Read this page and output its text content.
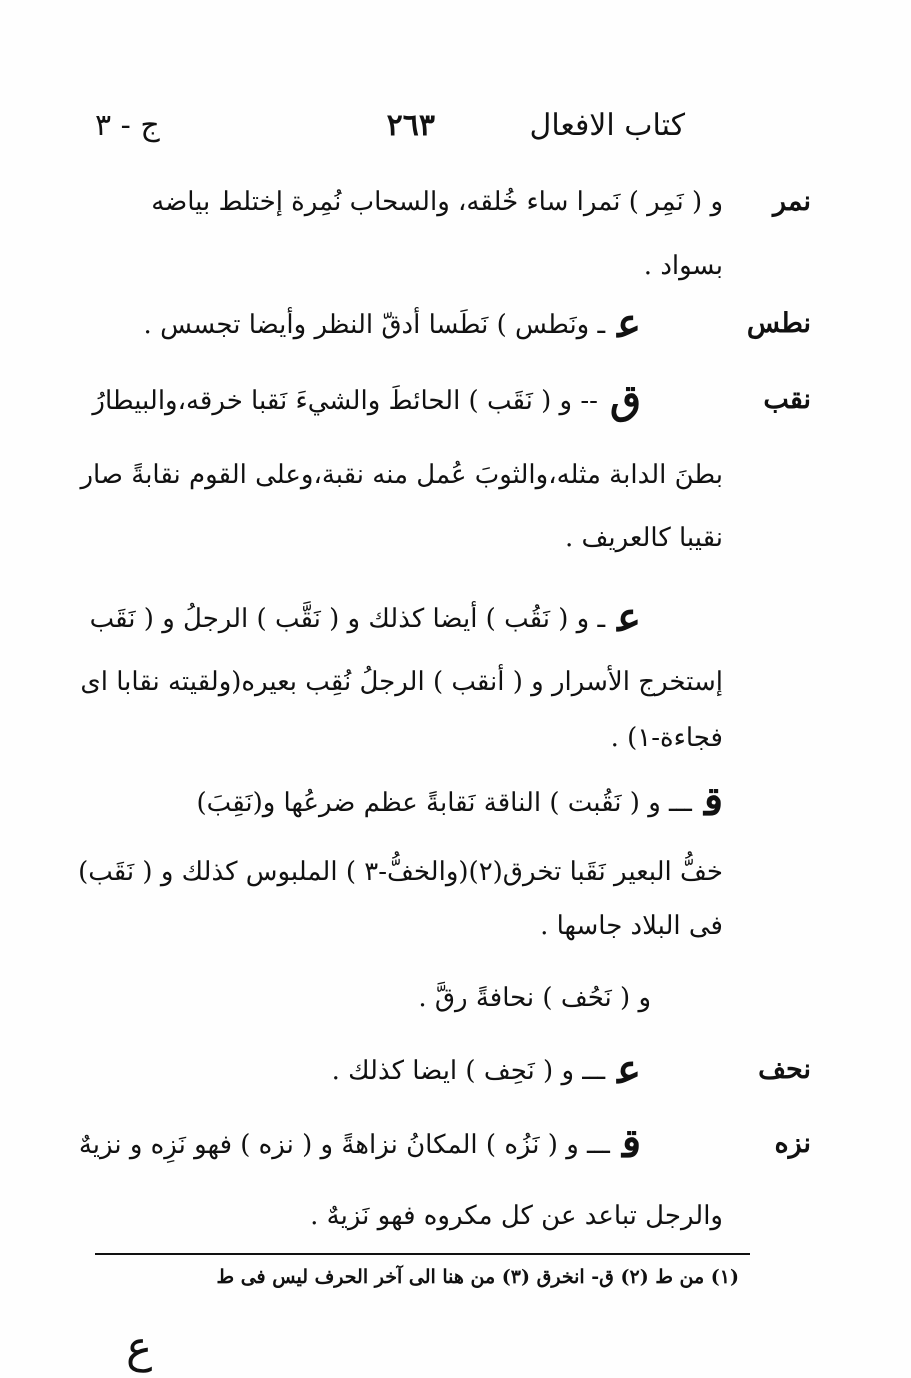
كتاب الافعال
٢٦٣
ج - ٣
نمر
و ( نَمِر ) نَمرا ساء خُلقه، والسحاب نُمِرة إختلط بياضه
بسواد .
نطس
عـ ونَطس ) نَطَسا أدقّ النظر وأيضا تجسس .
نقب
ق-- و ( نَقَب ) الحائطَ والشيءَ نَقبا خرقه،والبيطارُ
بطنَ الدابة مثله،والثوبَ عُمل منه نقبة،وعلى القوم نقابةً صار
نقيبا كالعريف .
عـ و ( نَقُب ) أيضا كذلك و ( نَقَّب ) الرجلُ و ( نَقَب
إستخرج الأسرار و ( أنقب ) الرجلُ نُقِب بعيره(ولقيته نقابا اى
فجاءة-١) .
قـــ و ( نَقُبت ) الناقة نَقابةً عظم ضرعُها و(نَقِبَ)
خفُّ البعير نَقَبا تخرق(٢)(والخفُّ-٣ ) الملبوس كذلك و ( نَقَب)
فى البلاد جاسها .
و ( نَحُف ) نحافةً رقَّ .
نحف
عـــ و ( نَحِف ) ايضا كذلك .
نزه
قـــ و ( نَزُه ) المكانُ نزاهةً و ( نزه ) فهو نَزِه و نزيهٌ
والرجل تباعد عن كل مكروه فهو نَزيهٌ .
(١) من ط (٢) ق- انخرق (٣) من هنا الى آخر الحرف ليس فى ط
ع
